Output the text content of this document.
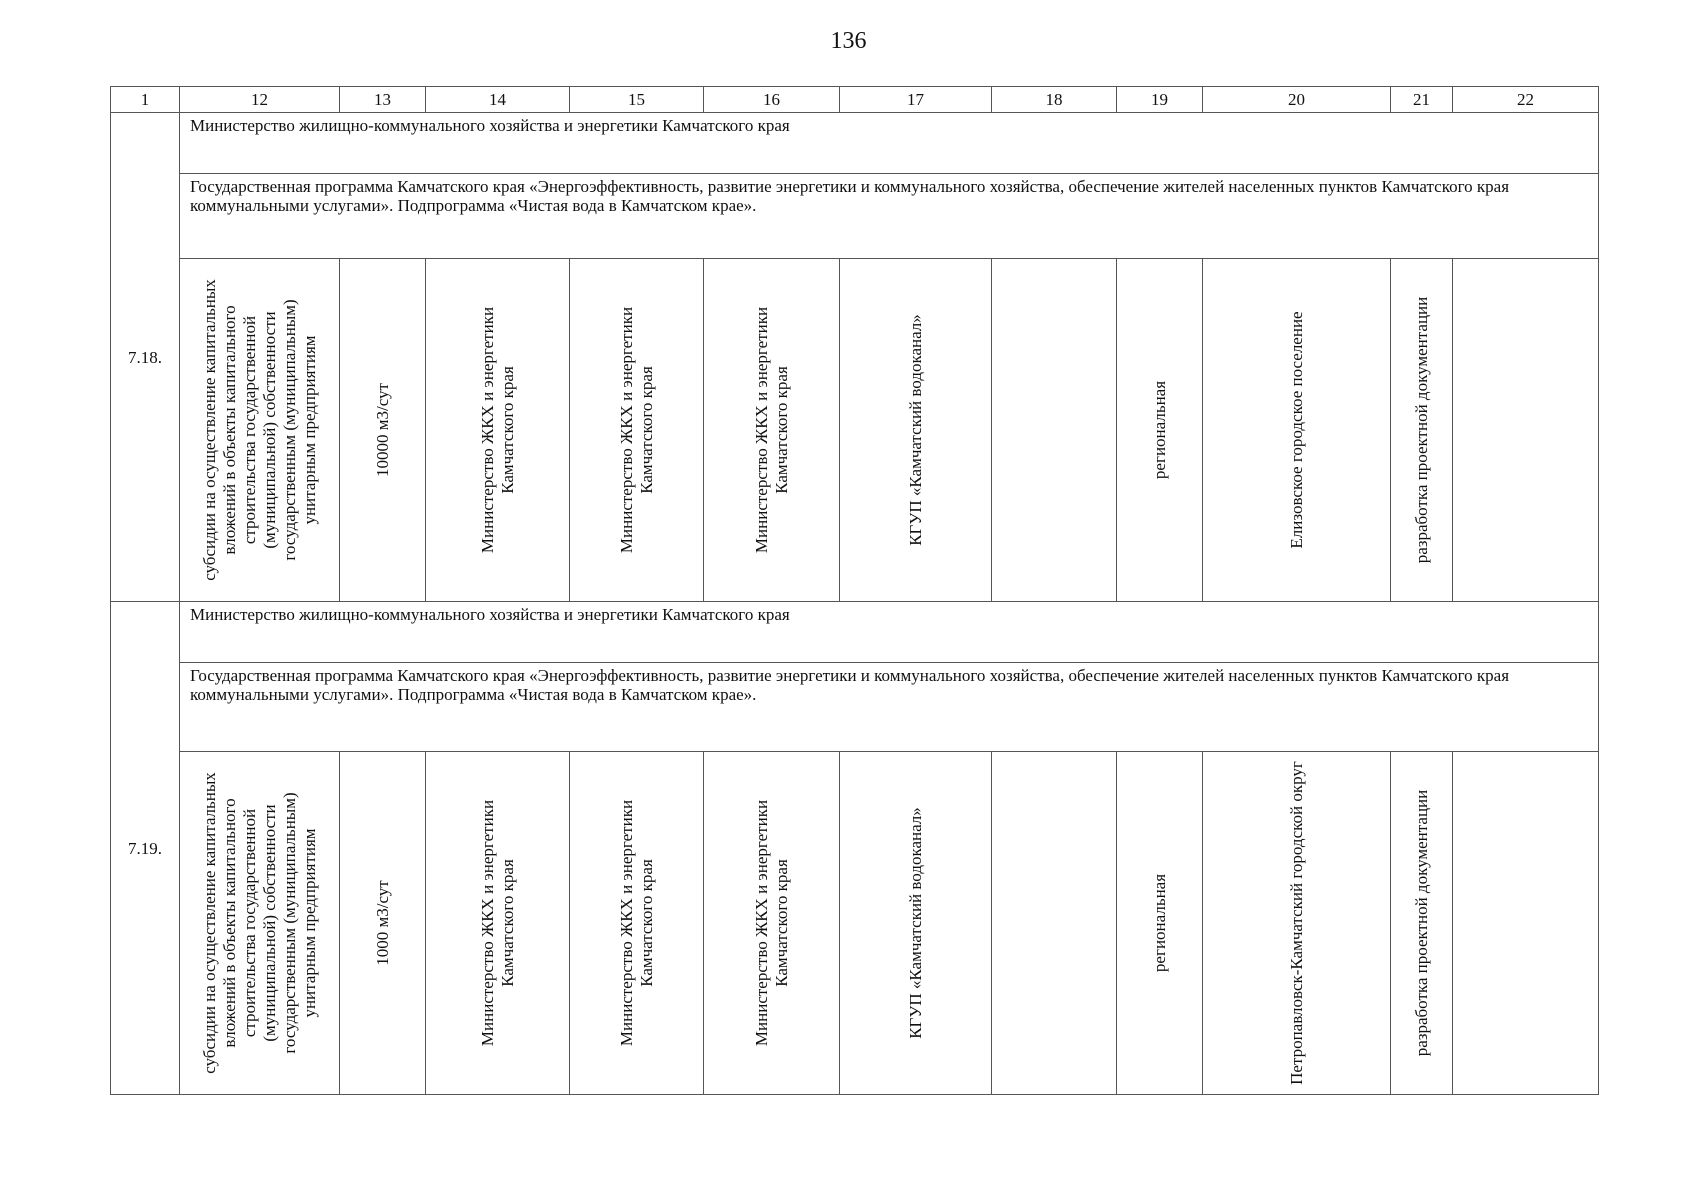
136
1	12	13	14	15	16	17	18	19	20	21	22
7.18.	Министерство жилищно-коммунального хозяйства и энергетики Камчатского края										
	Государственная программа Камчатского края «Энергоэффективность, развитие энергетики и коммунального хозяйства, обеспечение жителей населенных пунктов Камчатского края коммунальными услугами». Подпрограмма «Чистая вода в Камчатском крае».										

	субсидии на осуществление капитальных вложений в объекты капитального строительства государственной (муниципальной) собственности государственным (муниципальным) унитарным предприятиям	10000 м3/сут	Министерство ЖКХ и энергетики Камчатского края	Министерство ЖКХ и энергетики Камчатского края	Министерство ЖКХ и энергетики Камчатского края	КГУП «Камчатский водоканал»		региональная	Елизовское городское поселение	разработка проектной документации	

7.19.	Министерство жилищно-коммунального хозяйства и энергетики Камчатского края										
	Государственная программа Камчатского края «Энергоэффективность, развитие энергетики и коммунального хозяйства, обеспечение жителей населенных пунктов Камчатского края коммунальными услугами». Подпрограмма «Чистая вода в Камчатском крае».										

	субсидии на осуществление капитальных вложений в объекты капитального строительства государственной (муниципальной) собственности государственным (муниципальным) унитарным предприятиям	1000 м3/сут	Министерство ЖКХ и энергетики Камчатского края	Министерство ЖКХ и энергетики Камчатского края	Министерство ЖКХ и энергетики Камчатского края	КГУП «Камчатский водоканал»		региональная	Петропавловск-Камчатский городской округ	разработка проектной документации	
